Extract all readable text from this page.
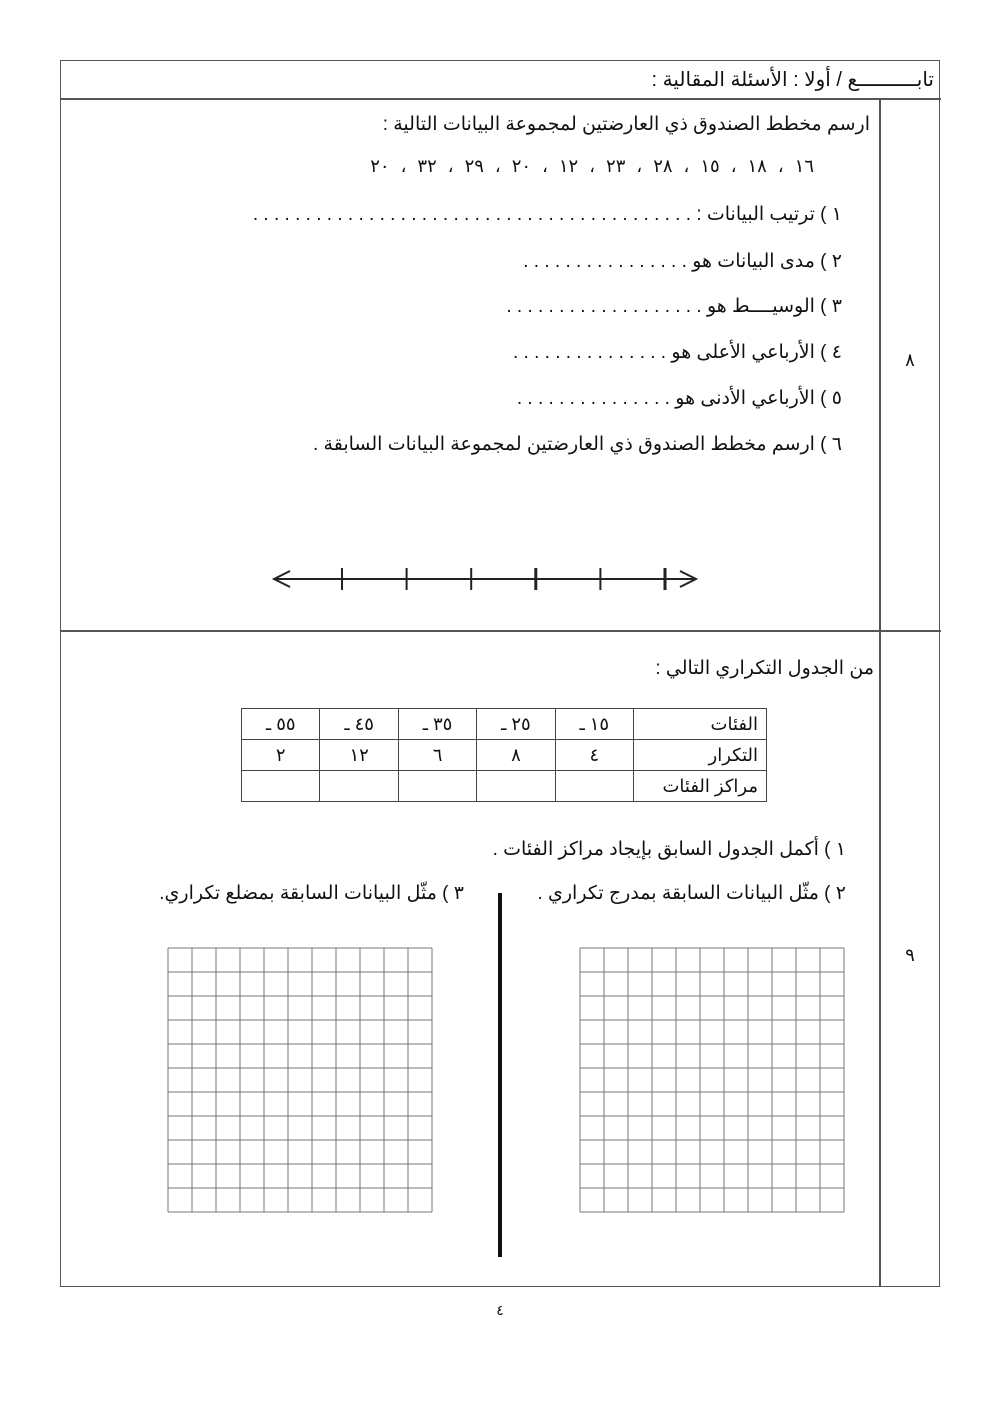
تابــــــــــع / أولا : الأسئلة المقالية :
٨
ارسم مخطط الصندوق ذي العارضتين لمجموعة البيانات التالية :
١٦ ، ١٨ ، ١٥ ، ٢٨ ، ٢٣ ، ١٢ ، ٢٠ ، ٢٩ ، ٣٢ ، ٢٠
١ ) ترتيب البيانات : . . . . . . . . . . . . . . . . . . . . . . . . . . . . . . . . . . . . . . . . . .
٢ ) مدى البيانات هو . . . . . . . . . . . . . . . .
٣ ) الوسيــــط هو . . . . . . . . . . . . . . . . . . .
٤ ) الأرباعي الأعلى هو . . . . . . . . . . . . . . .
٥ ) الأرباعي الأدنى هو . . . . . . . . . . . . . . .
٦ ) ارسم مخطط الصندوق ذي العارضتين لمجموعة البيانات السابقة .
٩
من الجدول التكراري التالي :
الفئات	١٥ ـ	٢٥ ـ	٣٥ ـ	٤٥ ـ	٥٥ ـ
التكرار	٤	٨	٦	١٢	٢
مراكز الفئات					
١ ) أكمل الجدول السابق بإيجاد مراكز الفئات .
٢ ) مثّل البيانات السابقة بمدرج تكراري .
٣ ) مثّل البيانات السابقة بمضلع تكراري.
٤
